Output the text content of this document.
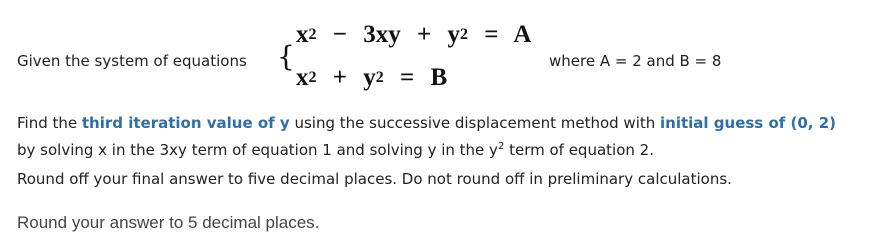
Given the system of equations {
$x^2 - 3xy + y^2 = A$
$x^2 + y^2 = B$
where A = 2 and B = 8
Find the third iteration value of y using the successive displacement method with initial guess of (0, 2)
by solving x in the 3xy term of equation 1 and solving y in the $y^2$ term of equation 2.
Round off your final answer to five decimal places. Do not round off in preliminary calculations.
Round your answer to 5 decimal places.
